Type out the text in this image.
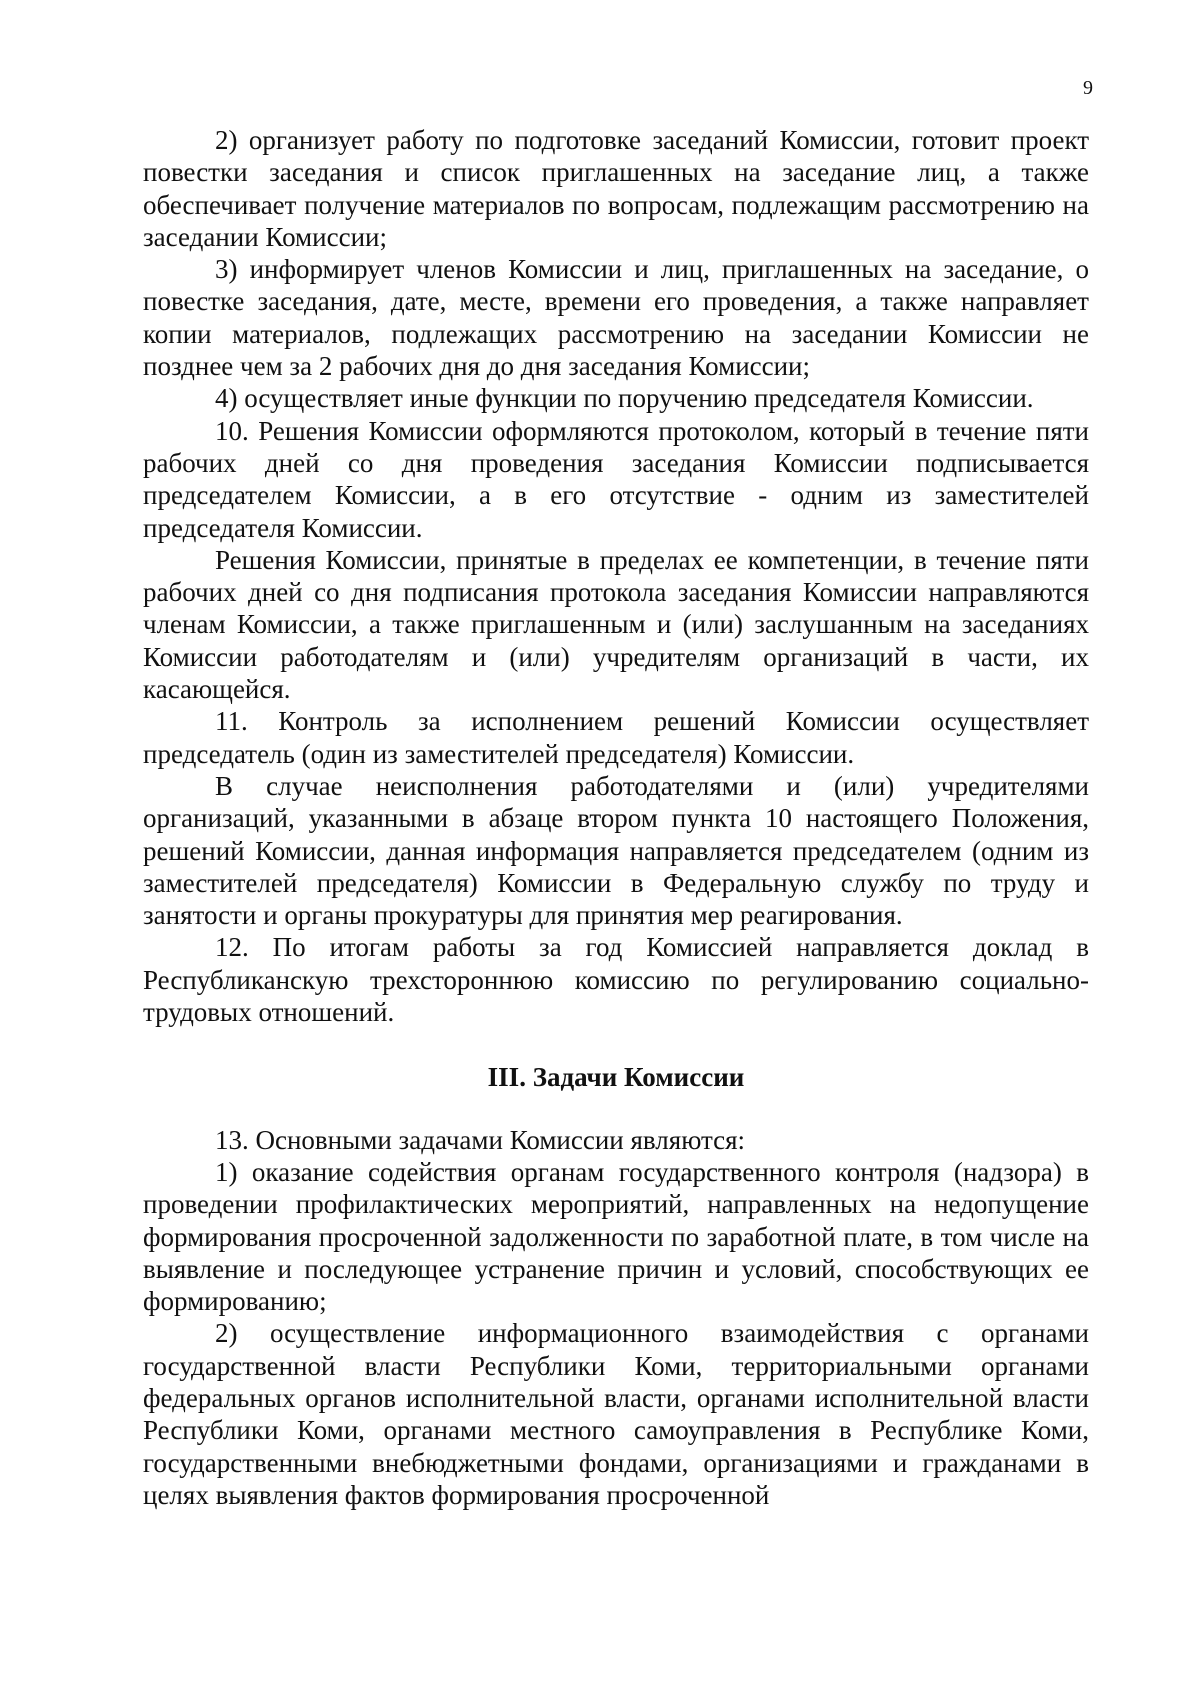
9

2) организует работу по подготовке заседаний Комиссии, готовит проект повестки заседания и список приглашенных на заседание лиц, а также обеспечивает получение материалов по вопросам, подлежащим рассмотрению на заседании Комиссии;

3) информирует членов Комиссии и лиц, приглашенных на заседание, о повестке заседания, дате, месте, времени его проведения, а также направляет копии материалов, подлежащих рассмотрению на заседании Комиссии не позднее чем за 2 рабочих дня до дня заседания Комиссии;

4) осуществляет иные функции по поручению председателя Комиссии.

10. Решения Комиссии оформляются протоколом, который в течение пяти рабочих дней со дня проведения заседания Комиссии подписывается председателем Комиссии, а в его отсутствие - одним из заместителей председателя Комиссии.

Решения Комиссии, принятые в пределах ее компетенции, в течение пяти рабочих дней со дня подписания протокола заседания Комиссии направляются членам Комиссии, а также приглашенным и (или) заслушанным на заседаниях Комиссии работодателям и (или) учредителям организаций в части, их касающейся.

11. Контроль за исполнением решений Комиссии осуществляет председатель (один из заместителей председателя) Комиссии.

В случае неисполнения работодателями и (или) учредителями организаций, указанными в абзаце втором пункта 10 настоящего Положения, решений Комиссии, данная информация направляется председателем (одним из заместителей председателя) Комиссии в Федеральную службу по труду и занятости и органы прокуратуры для принятия мер реагирования.

12. По итогам работы за год Комиссией направляется доклад в Республиканскую трехстороннюю комиссию по регулированию социально-трудовых отношений.

III. Задачи Комиссии

13. Основными задачами Комиссии являются:

1) оказание содействия органам государственного контроля (надзора) в проведении профилактических мероприятий, направленных на недопущение формирования просроченной задолженности по заработной плате, в том числе на выявление и последующее устранение причин и условий, способствующих ее формированию;

2) осуществление информационного взаимодействия с органами государственной власти Республики Коми, территориальными органами федеральных органов исполнительной власти, органами исполнительной власти Республики Коми, органами местного самоуправления в Республике Коми, государственными внебюджетными фондами, организациями и гражданами в целях выявления фактов формирования просроченной
